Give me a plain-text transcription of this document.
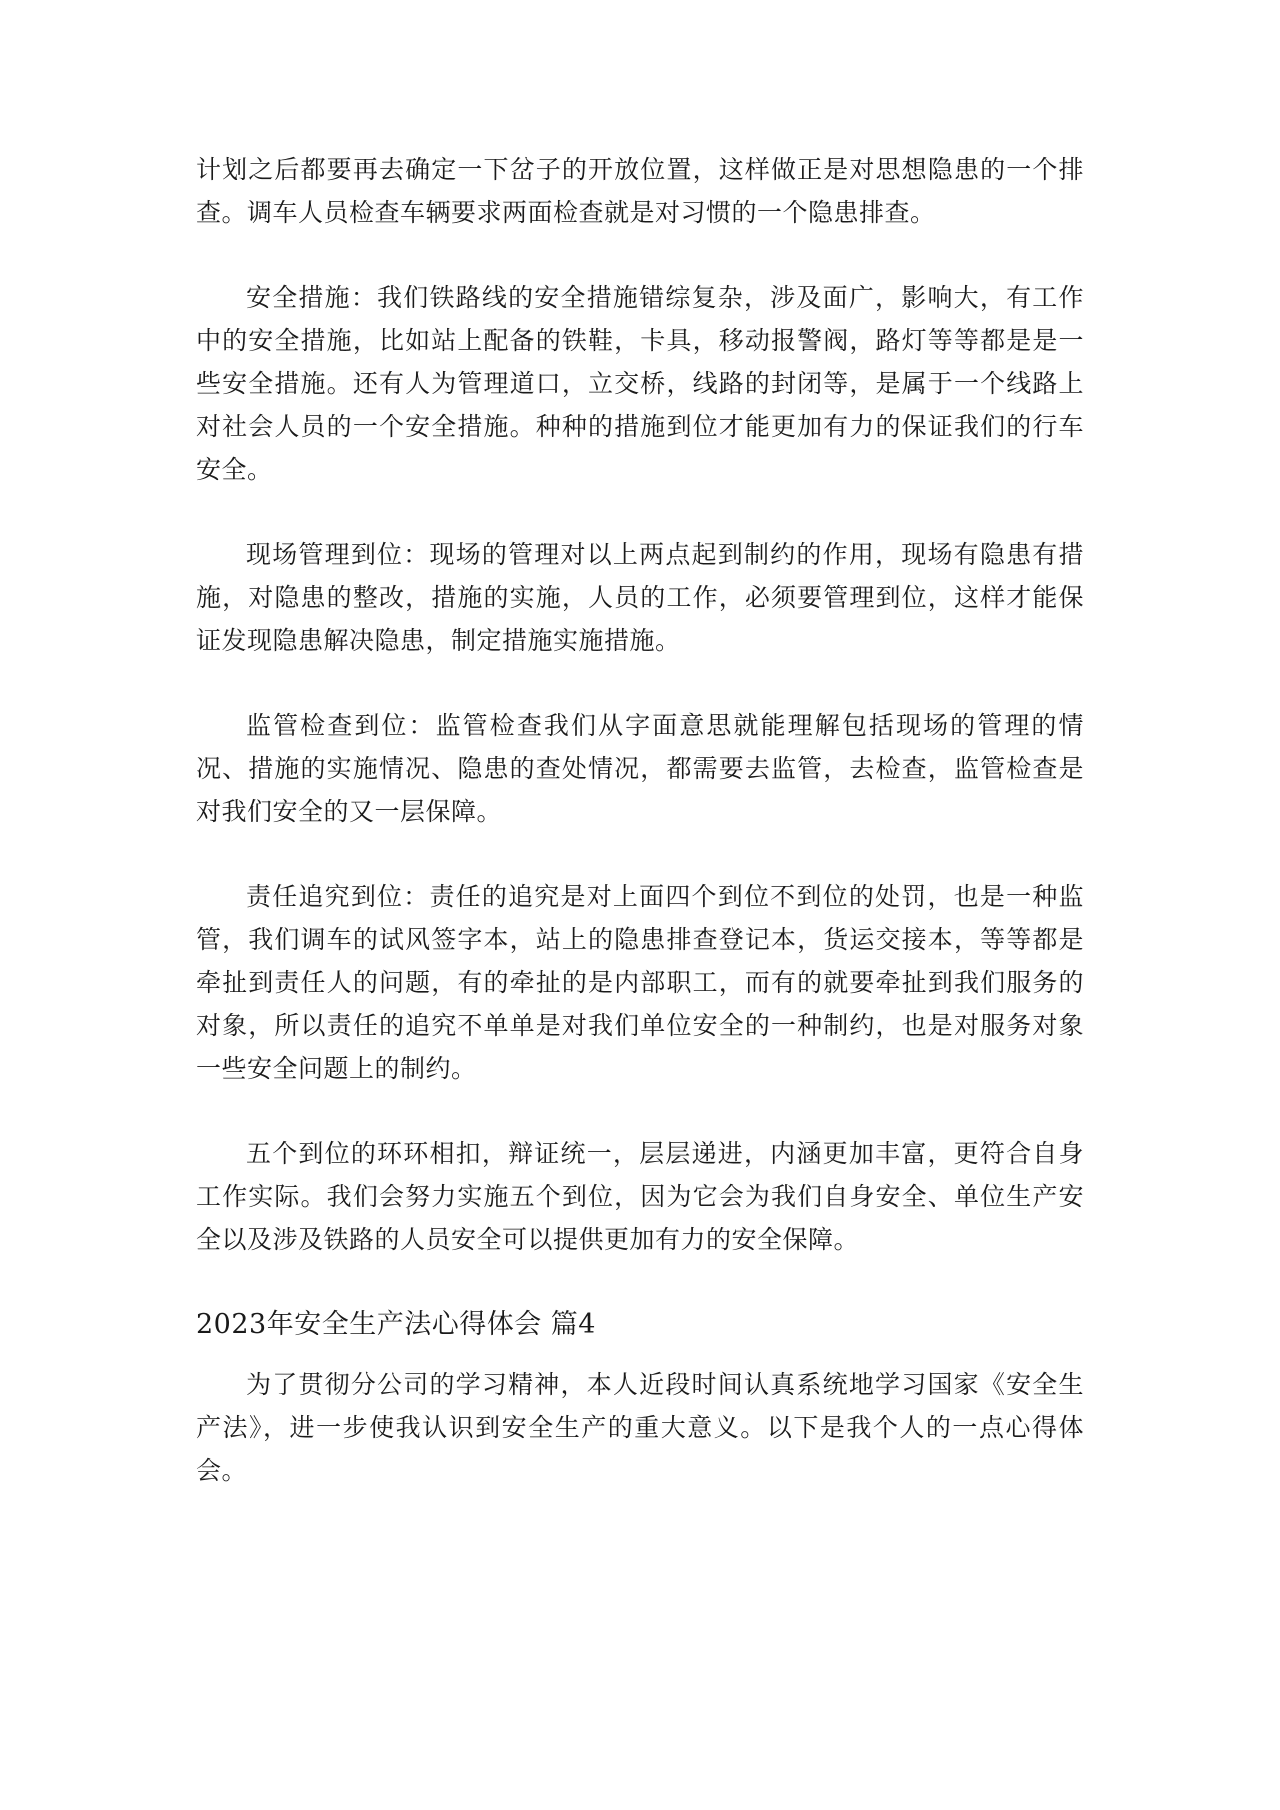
计划之后都要再去确定一下岔子的开放位置，这样做正是对思想隐患的一个排查。调车人员检查车辆要求两面检查就是对习惯的一个隐患排查。

安全措施：我们铁路线的安全措施错综复杂，涉及面广，影响大，有工作中的安全措施，比如站上配备的铁鞋，卡具，移动报警阀，路灯等等都是是一些安全措施。还有人为管理道口，立交桥，线路的封闭等，是属于一个线路上对社会人员的一个安全措施。种种的措施到位才能更加有力的保证我们的行车安全。

现场管理到位：现场的管理对以上两点起到制约的作用，现场有隐患有措施，对隐患的整改，措施的实施，人员的工作，必须要管理到位，这样才能保证发现隐患解决隐患，制定措施实施措施。

监管检查到位：监管检查我们从字面意思就能理解包括现场的管理的情况、措施的实施情况、隐患的查处情况，都需要去监管，去检查，监管检查是对我们安全的又一层保障。

责任追究到位：责任的追究是对上面四个到位不到位的处罚，也是一种监管，我们调车的试风签字本，站上的隐患排查登记本，货运交接本，等等都是牵扯到责任人的问题，有的牵扯的是内部职工，而有的就要牵扯到我们服务的对象，所以责任的追究不单单是对我们单位安全的一种制约，也是对服务对象一些安全问题上的制约。

五个到位的环环相扣，辩证统一，层层递进，内涵更加丰富，更符合自身工作实际。我们会努力实施五个到位，因为它会为我们自身安全、单位生产安全以及涉及铁路的人员安全可以提供更加有力的安全保障。

2023年安全生产法心得体会 篇4

为了贯彻分公司的学习精神，本人近段时间认真系统地学习国家《安全生产法》，进一步使我认识到安全生产的重大意义。以下是我个人的一点心得体会。
